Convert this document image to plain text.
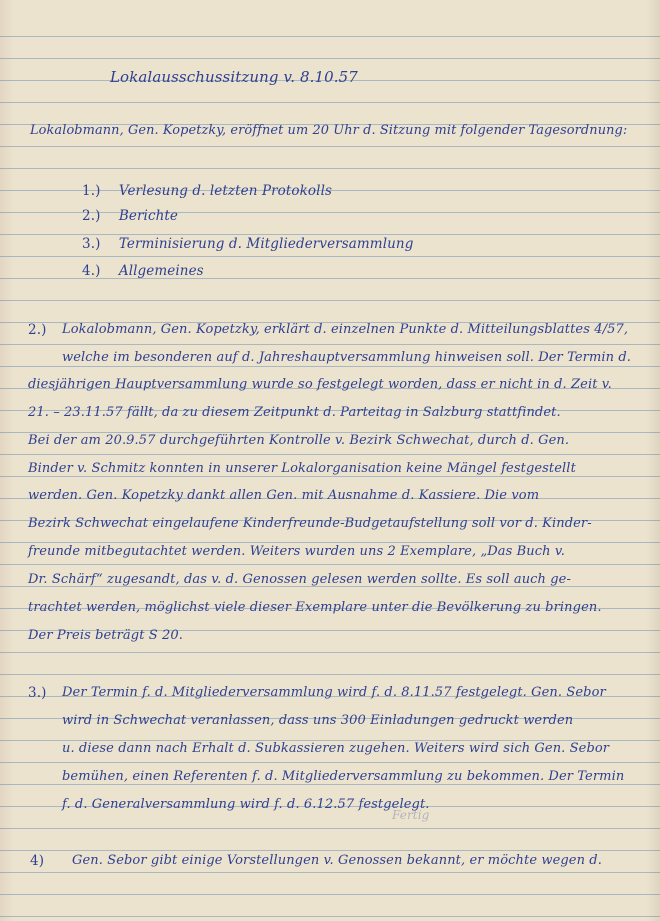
Lokalausschussitzung v. 8.10.57
Lokalobmann, Gen. Kopetzky, eröffnet um 20 Uhr d. Sitzung mit folgender Tagesordnung:
1.) Verlesung d. letzten Protokolls
2.) Berichte
3.) Terminisierung d. Mitgliederversammlung
4.) Allgemeines
2.) Lokalobmann, Gen. Kopetzky, erklärt d. einzelnen Punkte d. Mitteilungsblattes 4/57,
welche im besonderen auf d. Jahreshauptversammlung hinweisen soll. Der Termin d.
diesjährigen Hauptversammlung wurde so festgelegt worden, dass er nicht in d. Zeit v.
21. – 23.11.57 fällt, da zu diesem Zeitpunkt d. Parteitag in Salzburg stattfindet.
Bei der am 20.9.57 durchgeführten Kontrolle v. Bezirk Schwechat, durch d. Gen.
Binder v. Schmitz konnten in unserer Lokalorganisation keine Mängel festgestellt
werden. Gen. Kopetzky dankt allen Gen. mit Ausnahme d. Kassiere. Die vom
Bezirk Schwechat eingelaufene Kinderfreunde-Budgetaufstellung soll vor d. Kinder-
freunde mitbegutachtet werden. Weiters wurden uns 2 Exemplare, „Das Buch v.
Dr. Schärf“ zugesandt, das v. d. Genossen gelesen werden sollte. Es soll auch ge-
trachtet werden, möglichst viele dieser Exemplare unter die Bevölkerung zu bringen.
Der Preis beträgt S 20.
3.) Der Termin f. d. Mitgliederversammlung wird f. d. 8.11.57 festgelegt. Gen. Sebor
wird in Schwechat veranlassen, dass uns 300 Einladungen gedruckt werden
u. diese dann nach Erhalt d. Subkassieren zugehen. Weiters wird sich Gen. Sebor
bemühen, einen Referenten f. d. Mitgliederversammlung zu bekommen. Der Termin
f. d. Generalversammlung wird f. d. 6.12.57 festgelegt.
Fertig
4) Gen. Sebor gibt einige Vorstellungen v. Genossen bekannt, er möchte wegen d.
